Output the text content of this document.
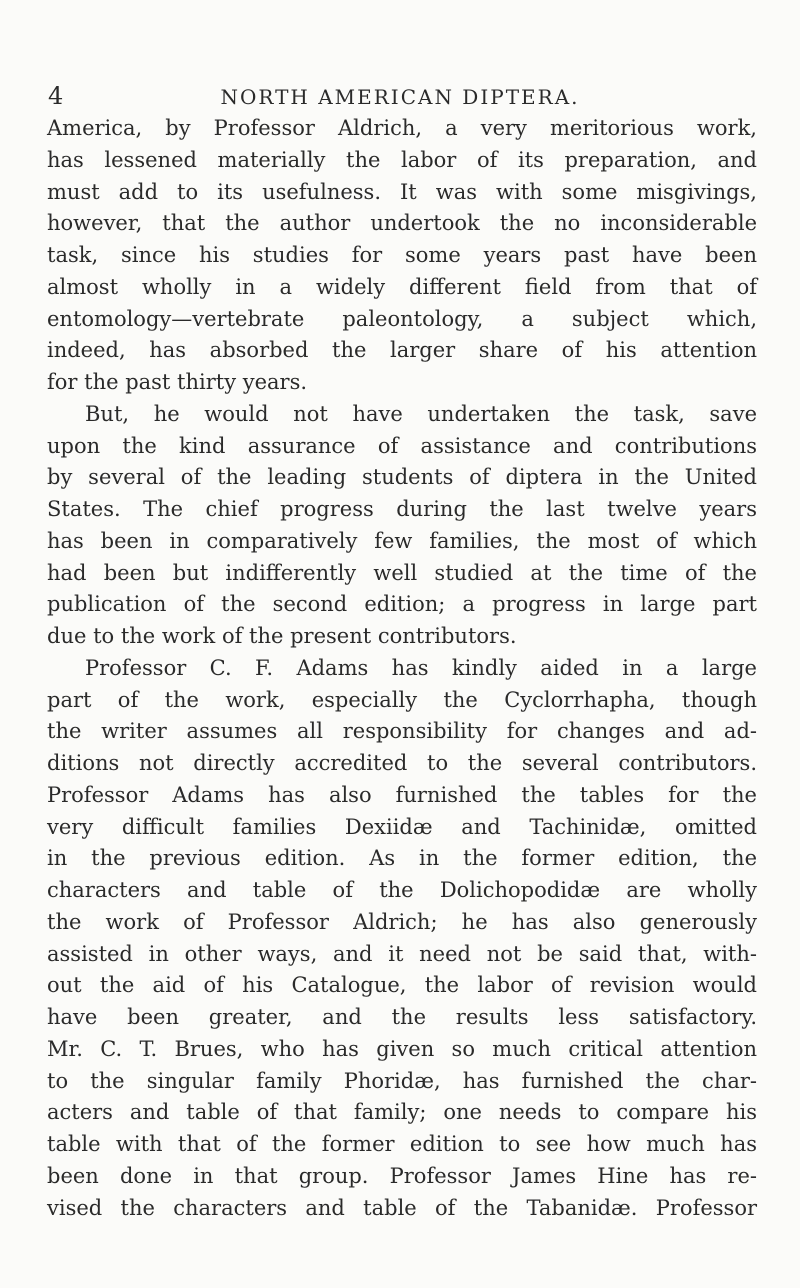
4	NORTH AMERICAN DIPTERA.
America, by Professor Aldrich, a very meritorious work,
has lessened materially the labor of its preparation, and
must add to its usefulness. It was with some misgivings,
however, that the author undertook the no inconsiderable
task, since his studies for some years past have been
almost wholly in a widely different field from that of
entomology—vertebrate paleontology, a subject which,
indeed, has absorbed the larger share of his attention
for the past thirty years.
But, he would not have undertaken the task, save
upon the kind assurance of assistance and contributions
by several of the leading students of diptera in the United
States. The chief progress during the last twelve years
has been in comparatively few families, the most of which
had been but indifferently well studied at the time of the
publication of the second edition; a progress in large part
due to the work of the present contributors.
Professor C. F. Adams has kindly aided in a large
part of the work, especially the Cyclorrhapha, though
the writer assumes all responsibility for changes and ad-
ditions not directly accredited to the several contributors.
Professor Adams has also furnished the tables for the
very difficult families Dexiidæ and Tachinidæ, omitted
in the previous edition. As in the former edition, the
characters and table of the Dolichopodidæ are wholly
the work of Professor Aldrich; he has also generously
assisted in other ways, and it need not be said that, with-
out the aid of his Catalogue, the labor of revision would
have been greater, and the results less satisfactory.
Mr. C. T. Brues, who has given so much critical attention
to the singular family Phoridæ, has furnished the char-
acters and table of that family; one needs to compare his
table with that of the former edition to see how much has
been done in that group. Professor James Hine has re-
vised the characters and table of the Tabanidæ. Professor
